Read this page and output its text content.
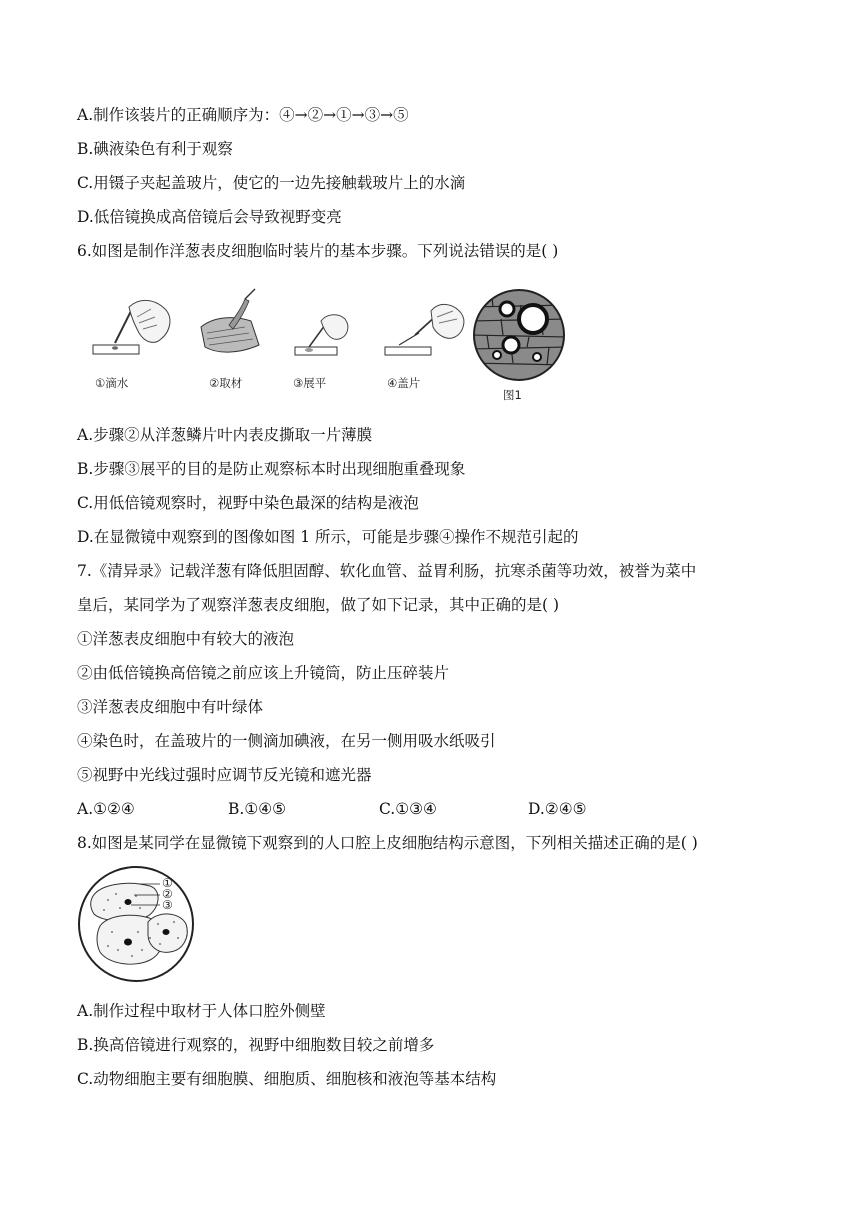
A.制作该装片的正确顺序为：④→②→①→③→⑤

B.碘液染色有利于观察

C.用镊子夹起盖玻片，使它的一边先接触载玻片上的水滴

D.低倍镜换成高倍镜后会导致视野变亮

6.如图是制作洋葱表皮细胞临时装片的基本步骤。下列说法错误的是( )

①滴水	②取材	③展平	④盖片
图1

A.步骤②从洋葱鳞片叶内表皮撕取一片薄膜

B.步骤③展平的目的是防止观察标本时出现细胞重叠现象

C.用低倍镜观察时，视野中染色最深的结构是液泡

D.在显微镜中观察到的图像如图 1 所示，可能是步骤④操作不规范引起的

7.《清异录》记载洋葱有降低胆固醇、软化血管、益胃利肠，抗寒杀菌等功效，被誉为菜中

皇后，某同学为了观察洋葱表皮细胞，做了如下记录，其中正确的是( )

①洋葱表皮细胞中有较大的液泡

②由低倍镜换高倍镜之前应该上升镜筒，防止压碎装片

③洋葱表皮细胞中有叶绿体

④染色时，在盖玻片的一侧滴加碘液，在另一侧用吸水纸吸引

⑤视野中光线过强时应调节反光镜和遮光器

A.①②④	B.①④⑤	C.①③④	D.②④⑤

8.如图是某同学在显微镜下观察到的人口腔上皮细胞结构示意图，下列相关描述正确的是( )

①
②
③

A.制作过程中取材于人体口腔外侧壁

B.换高倍镜进行观察的，视野中细胞数目较之前增多

C.动物细胞主要有细胞膜、细胞质、细胞核和液泡等基本结构
